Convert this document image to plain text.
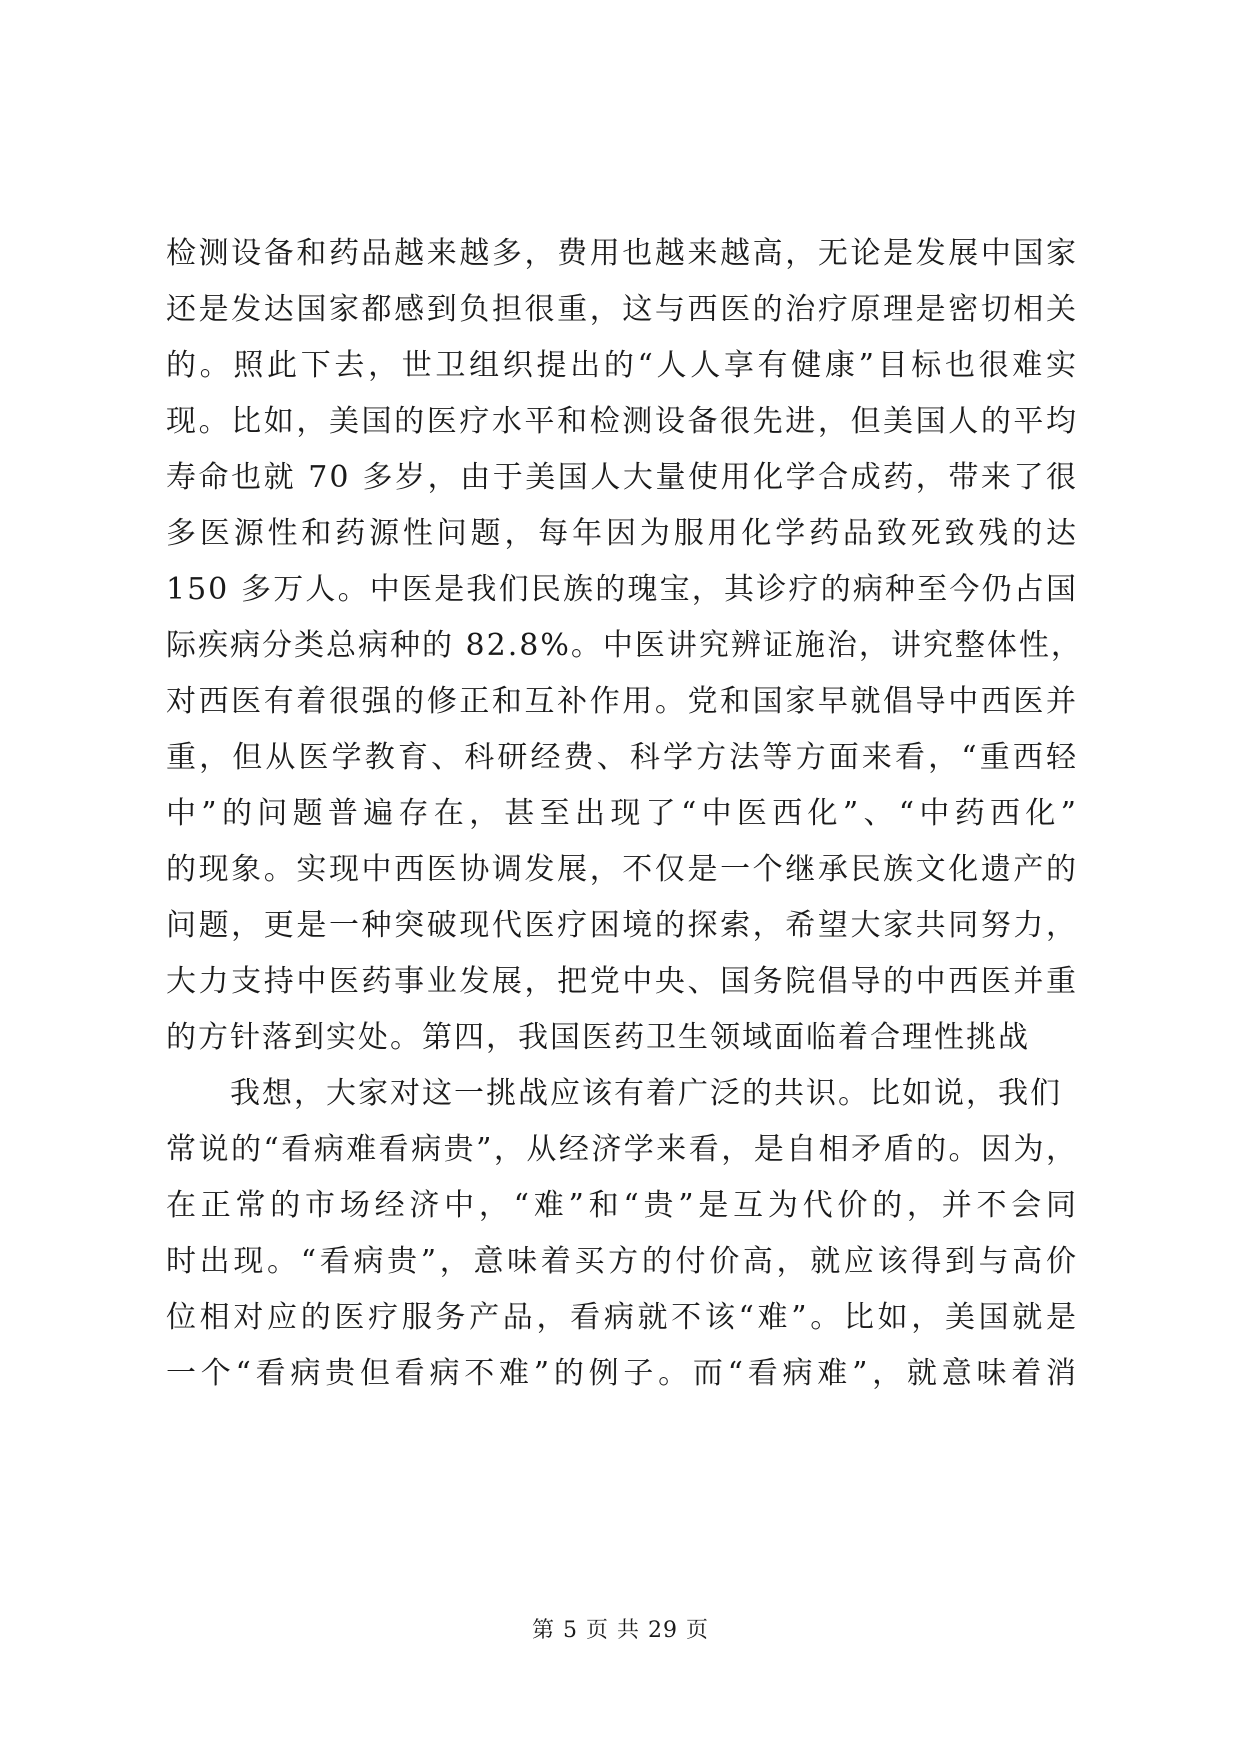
检测设备和药品越来越多，费用也越来越高，无论是发展中国家
还是发达国家都感到负担很重，这与西医的治疗原理是密切相关
的。照此下去，世卫组织提出的“人人享有健康”目标也很难实
现。比如，美国的医疗水平和检测设备很先进，但美国人的平均
寿命也就 70 多岁，由于美国人大量使用化学合成药，带来了很
多医源性和药源性问题，每年因为服用化学药品致死致残的达
150 多万人。中医是我们民族的瑰宝，其诊疗的病种至今仍占国
际疾病分类总病种的 82.8%。中医讲究辨证施治，讲究整体性，
对西医有着很强的修正和互补作用。党和国家早就倡导中西医并
重，但从医学教育、科研经费、科学方法等方面来看，“重西轻
中”的问题普遍存在，甚至出现了“中医西化”、“中药西化”
的现象。实现中西医协调发展，不仅是一个继承民族文化遗产的
问题，更是一种突破现代医疗困境的探索，希望大家共同努力，
大力支持中医药事业发展，把党中央、国务院倡导的中西医并重
的方针落到实处。第四，我国医药卫生领域面临着合理性挑战
我想，大家对这一挑战应该有着广泛的共识。比如说，我们
常说的“看病难看病贵”，从经济学来看，是自相矛盾的。因为，
在正常的市场经济中，“难”和“贵”是互为代价的，并不会同
时出现。“看病贵”，意味着买方的付价高，就应该得到与高价
位相对应的医疗服务产品，看病就不该“难”。比如，美国就是
一个“看病贵但看病不难”的例子。而“看病难”，就意味着消
第 5 页 共 29 页
